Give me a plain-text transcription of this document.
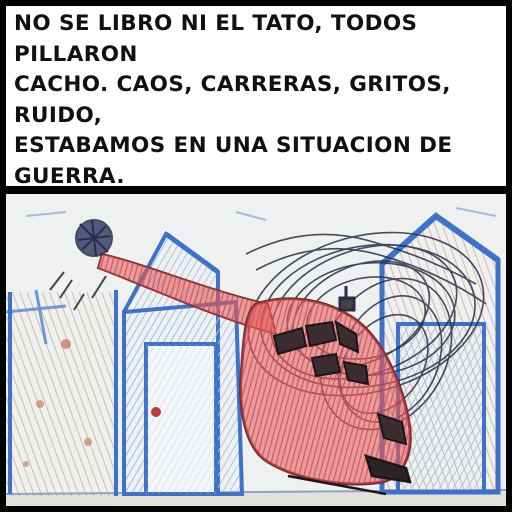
NO SE LIBRO NI EL TATO, TODOS PILLARON
CACHO. CAOS, CARRERAS, GRITOS, RUIDO,
ESTABAMOS EN UNA SITUACION DE GUERRA.
